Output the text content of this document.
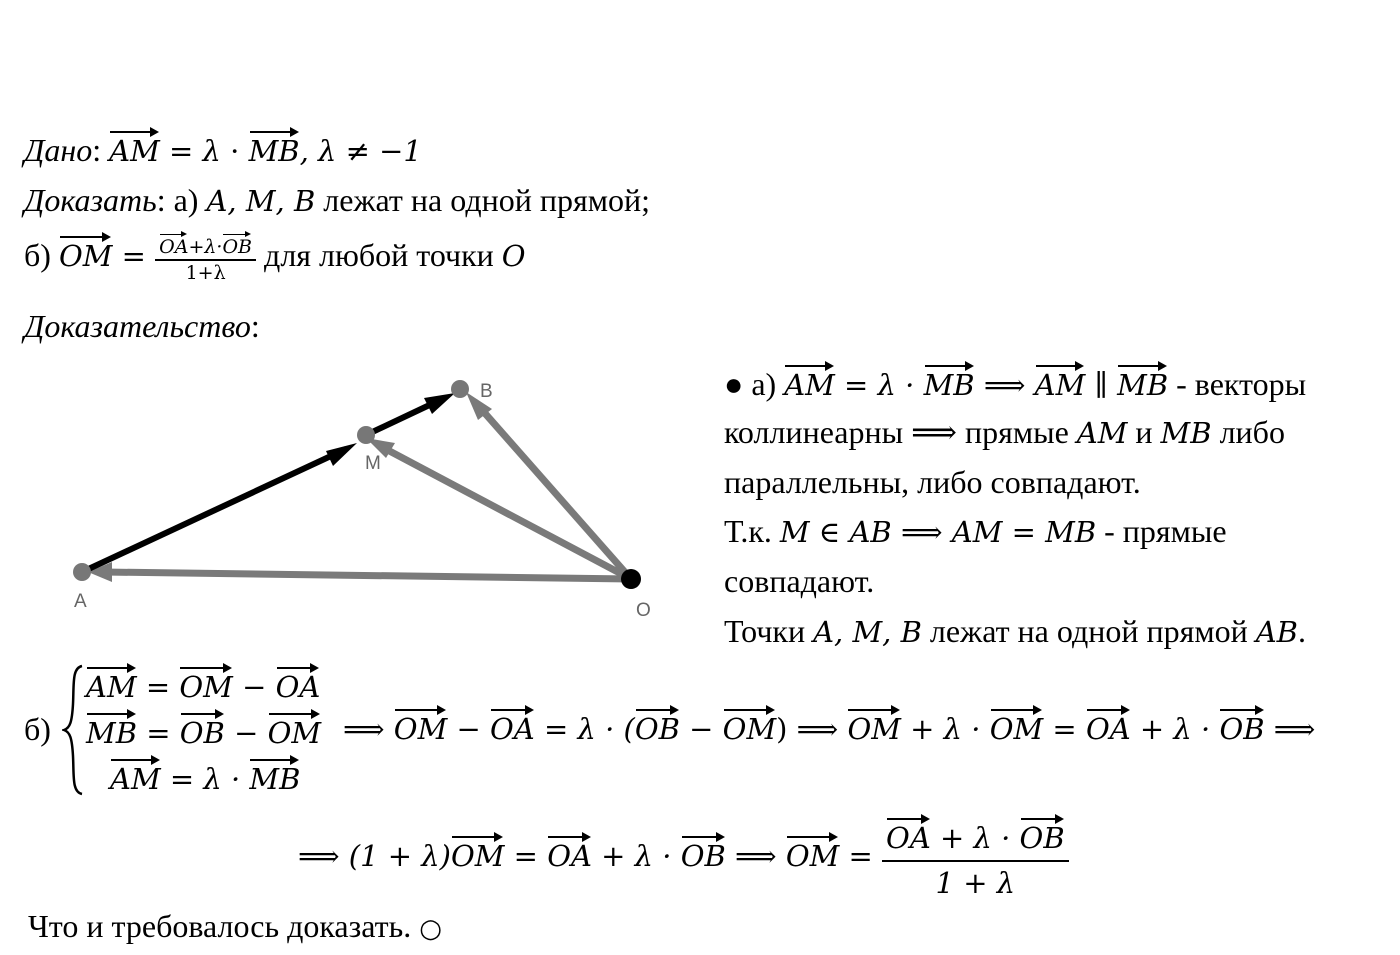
Дано: AM = λ · MB, λ ≠ −1
Доказать: а) A, M, B лежат на одной прямой;
б) OM = $\frac{OA+\lambda\cdot OB}{1+\lambda}$ для любой точки O
Доказательство:
A
M
B
O
● а) AM = λ · MB ⟹ AM ∥ MB - векторы
коллинеарны ⟹ прямые AM и MB либо
параллельны, либо совпадают.
Т.к. M ∈ AB ⟹ AM = MB - прямые
совпадают.
Точки A, M, B лежат на одной прямой AB.
б)
AM = OM − OA
MB = OB − OM
AM = λ · MB
⟹ OM − OA = λ · (OB − OM) ⟹ OM + λ · OM = OA + λ · OB ⟹
⟹ (1 + λ)OM = OA + λ · OB ⟹ OM = $\frac{OA + \lambda \cdot OB}{1 + \lambda}$
Что и требовалось доказать. ○
